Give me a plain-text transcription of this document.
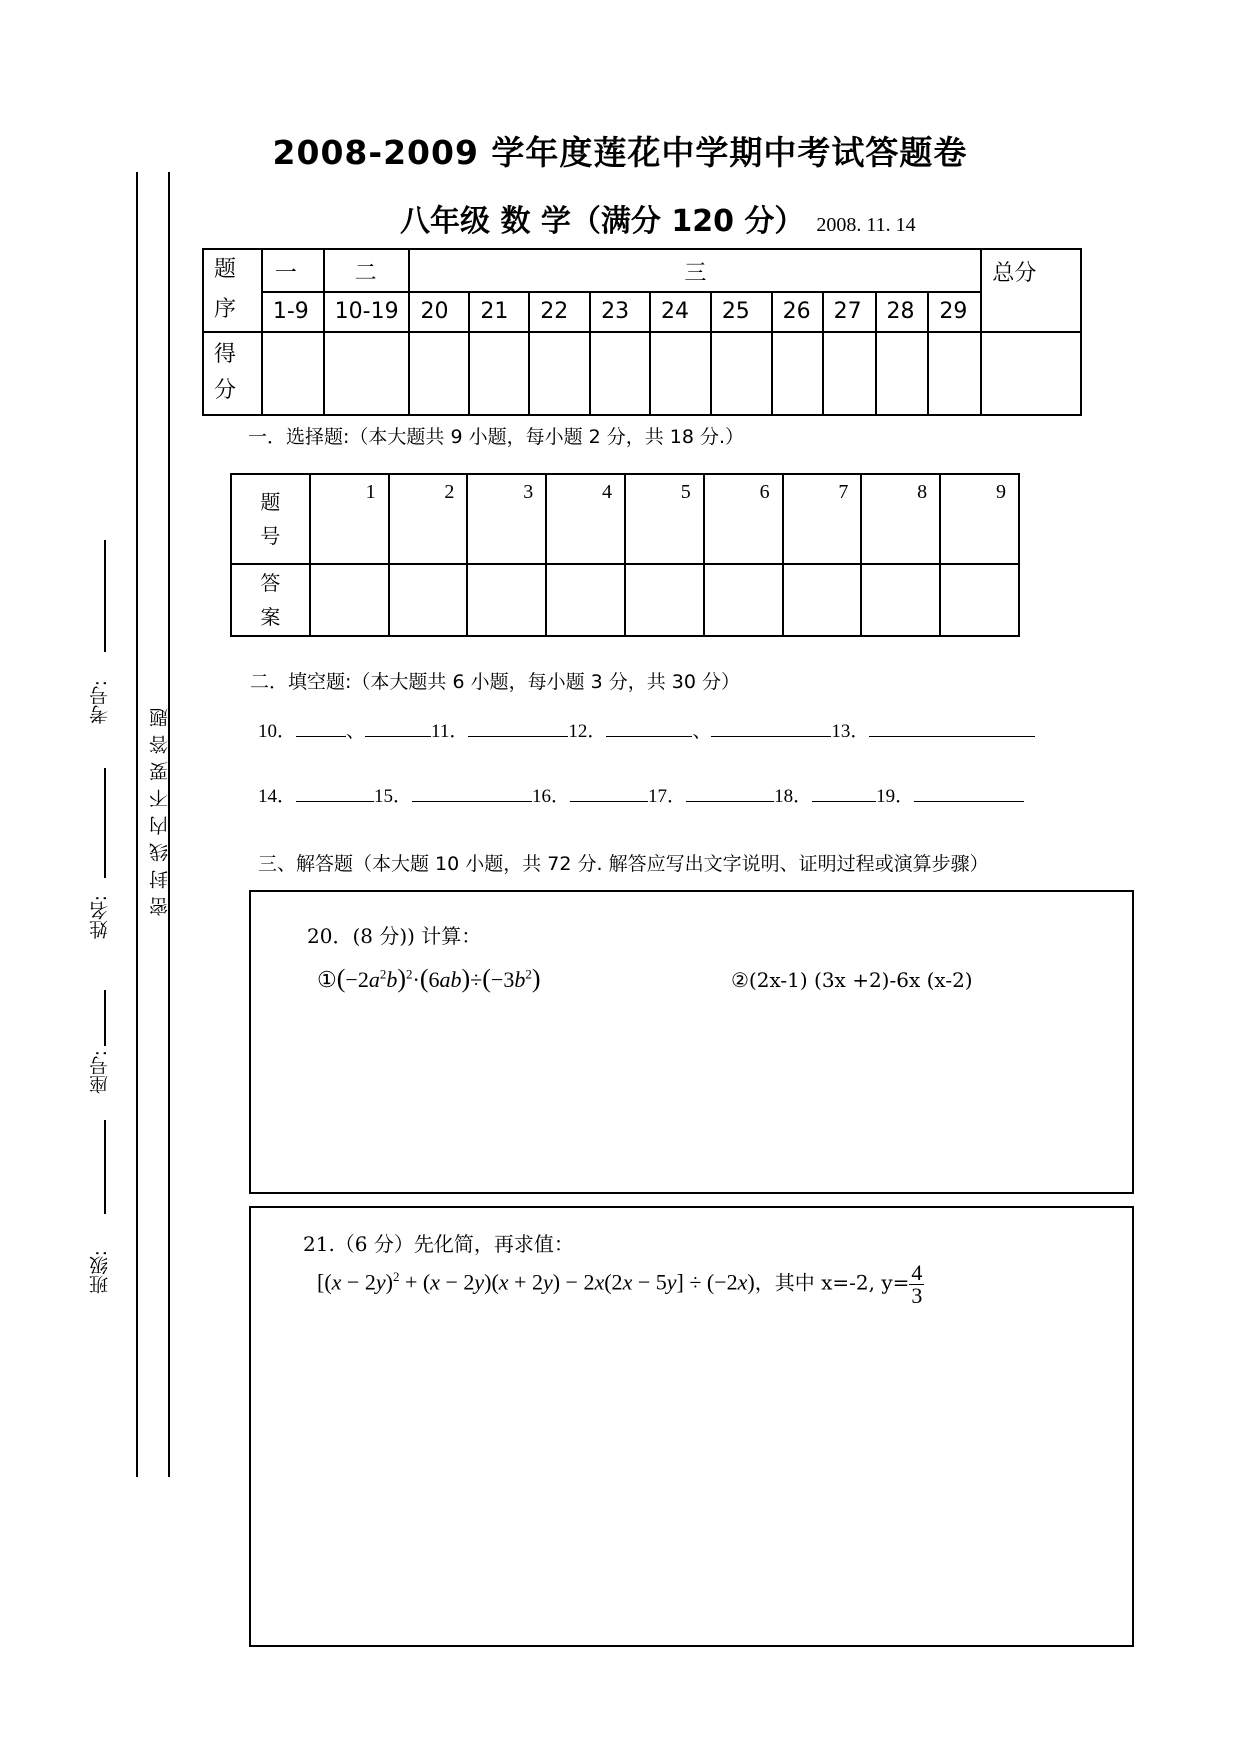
2008-2009 学年度莲花中学期中考试答题卷
八年级 数 学（满分 120 分） 2008. 11. 14
题
序	一	二	三										总分
	1-9	10-19	20	21	22	23	24	25	26	27	28	29	

得
分													

一．选择题:（本大题共 9 小题，每小题 2 分，共 18 分.）
题
号	1	2	3	4	5	6	7	8	9

答
案									

二．填空题:（本大题共 6 小题，每小题 3 分，共 30 分）
10．	、	11．	12．	、	13．
14．	15．	16．	17．	18．	19．
三、解答题（本大题 10 小题，共 72 分. 解答应写出文字说明、证明过程或演算步骤）
20．(8 分)) 计算：
$①(-2a^2b)^2\cdot(6ab)\div(-3b^2)$	②(2x-1) (3x +2)-6x (x-2)
21.（6 分）先化简，再求值：
[$(x - 2y)^2 + (x - 2y)(x + 2y) - 2x(2x - 5y] \div (-2x)$，其中 x=-2, $y= \frac{4}{3}$
密封线内不要答题
考号:
姓名:
座号:
班级:
